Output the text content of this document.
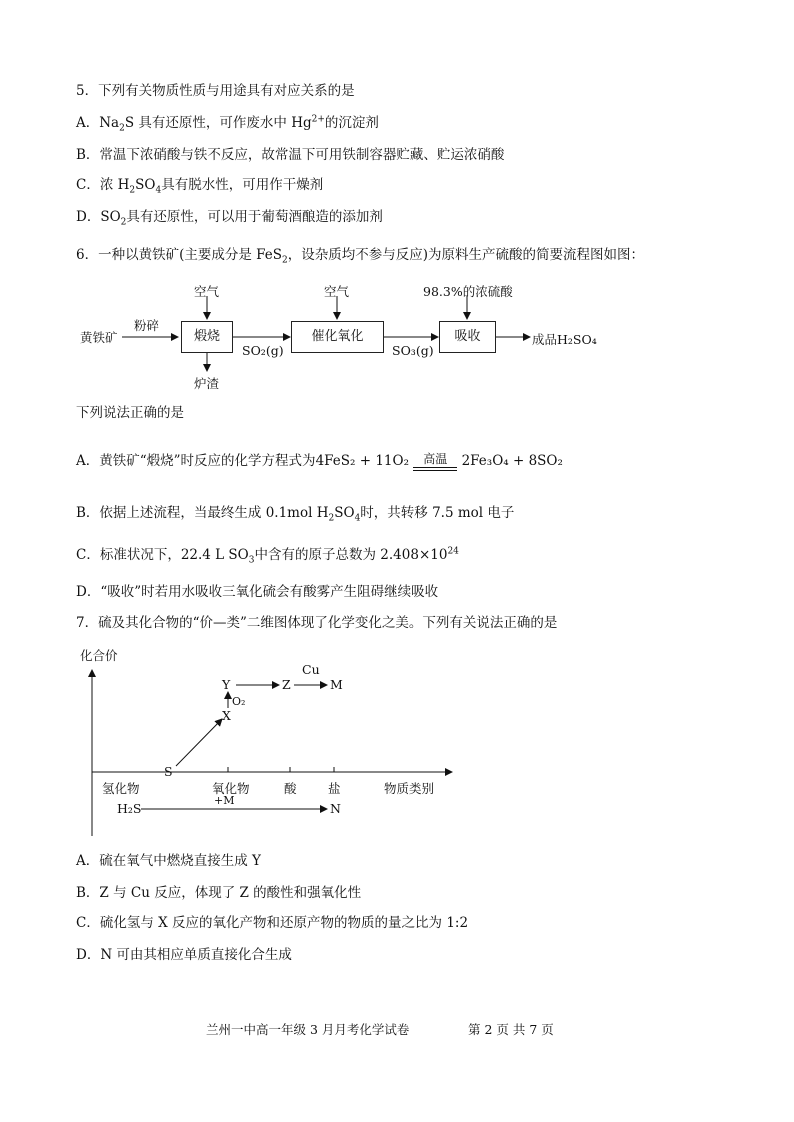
5．下列有关物质性质与用途具有对应关系的是
A．$Na_2S$ 具有还原性，可作废水中 $Hg^{2+}$的沉淀剂
B．常温下浓硝酸与铁不反应，故常温下可用铁制容器贮藏、贮运浓硝酸
C．浓 $H_2SO_4$具有脱水性，可用作干燥剂
D．$SO_2$具有还原性，可以用于葡萄酒酿造的添加剂
6．一种以黄铁矿(主要成分是 FeS$_2$，设杂质均不参与反应)为原料生产硫酸的简要流程图如图：
黄铁矿
粉碎
空气
煅烧
炉渣
SO₂(g)
空气
催化氧化
SO₃(g)
98.3%的浓硫酸
吸收	成品H₂SO₄
下列说法正确的是
A．黄铁矿“煅烧”时反应的化学方程式为4FeS₂ + 11O₂	高温	2Fe₃O₄ + 8SO₂
B．依据上述流程，当最终生成 0.1mol $H_2SO_4$时，共转移 7.5 mol 电子
C．标准状况下，22.4 L $SO_3$中含有的原子总数为 $2.408\times 10^{24}$
D．“吸收”时若用水吸收三氧化硫会有酸雾产生阻碍继续吸收
7．硫及其化合物的“价—类”二维图体现了化学变化之美。下列有关说法正确的是
化合价
物质类别
氢化物	氧化物	酸	盐
S
X
Y	Z	M
O₂
Cu
H₂S
+M
N
A．硫在氧气中燃烧直接生成 Y
B．Z 与 Cu 反应，体现了 Z 的酸性和强氧化性
C．硫化氢与 X 反应的氧化产物和还原产物的物质的量之比为 1:2
D．N 可由其相应单质直接化合生成
兰州一中高一年级 3 月月考化学试卷	第 2 页 共 7 页
